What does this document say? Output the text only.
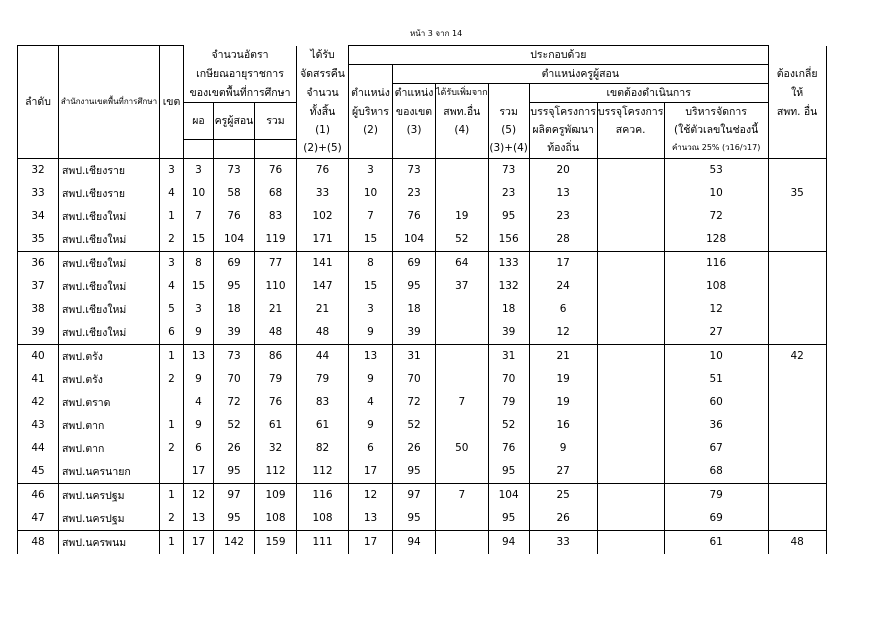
หน้า 3 จาก 14
ลำดับ	สำนักงานเขตพื้นที่การศึกษา	เขต	จำนวนอัตรา			ได้รับ	ประกอบด้วย							
			เกษียณอายุราชการ			จัดสรรคืน		ตำแหน่งครูผู้สอน						ต้องเกลี่ย
			ของเขตพื้นที่การศึกษา			จำนวน	ตำแหน่ง	ตำแหน่ง	ได้รับเพิ่มจาก		เขตต้องดำเนินการ			ให้
			ผอ	ครูผู้สอน	รวม	ทั้งสิ้น	ผู้บริหาร	ของเขต	สพท.อื่น	รวม	บรรจุโครงการ	บรรจุโครงการ	บริหารจัดการ	สพท. อื่น
						(1)	(2)	(3)	(4)	(5)	ผลิตครูพัฒนา	สควค.	(ใช้ตัวเลขในช่องนี้	
						(2)+(5)				(3)+(4)	ท้องถิ่น		คำนวณ 25% (ว16/ว17)	
32	สพป.เชียงราย	3	3	73	76	76	3	73		73	20		53	
33	สพป.เชียงราย	4	10	58	68	33	10	23		23	13		10	35
34	สพป.เชียงใหม่	1	7	76	83	102	7	76	19	95	23		72	
35	สพป.เชียงใหม่	2	15	104	119	171	15	104	52	156	28		128	
36	สพป.เชียงใหม่	3	8	69	77	141	8	69	64	133	17		116	
37	สพป.เชียงใหม่	4	15	95	110	147	15	95	37	132	24		108	
38	สพป.เชียงใหม่	5	3	18	21	21	3	18		18	6		12	
39	สพป.เชียงใหม่	6	9	39	48	48	9	39		39	12		27	
40	สพป.ตรัง	1	13	73	86	44	13	31		31	21		10	42
41	สพป.ตรัง	2	9	70	79	79	9	70		70	19		51	
42	สพป.ตราด		4	72	76	83	4	72	7	79	19		60	
43	สพป.ตาก	1	9	52	61	61	9	52		52	16		36	
44	สพป.ตาก	2	6	26	32	82	6	26	50	76	9		67	
45	สพป.นครนายก		17	95	112	112	17	95		95	27		68	
46	สพป.นครปฐม	1	12	97	109	116	12	97	7	104	25		79	
47	สพป.นครปฐม	2	13	95	108	108	13	95		95	26		69	
48	สพป.นครพนม	1	17	142	159	111	17	94		94	33		61	48
